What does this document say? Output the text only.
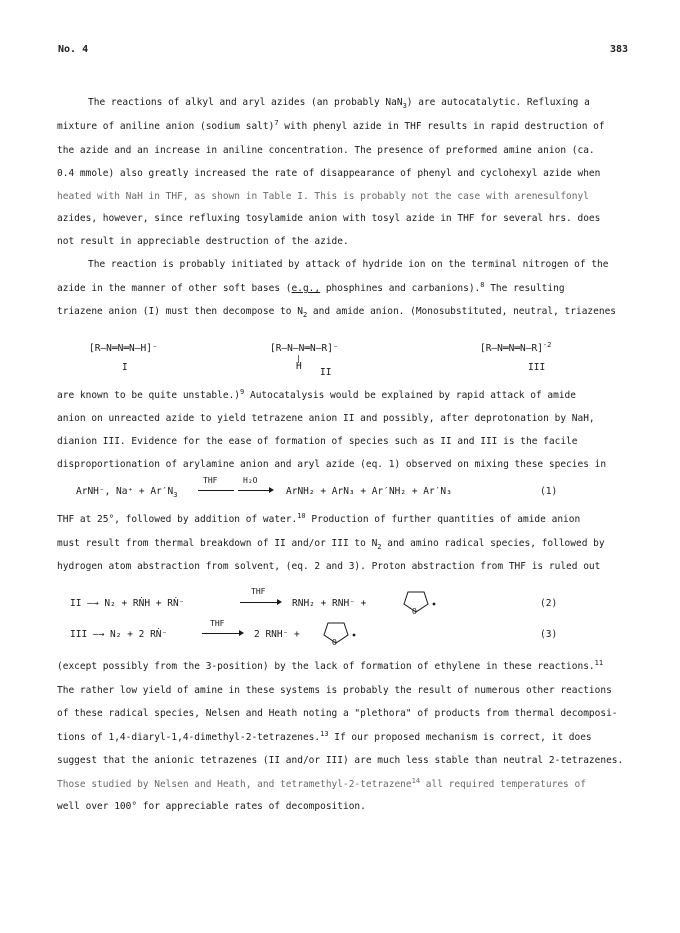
No. 4	383
The reactions of alkyl and aryl azides (an probably NaN$_3$) are autocatalytic. Refluxing a
mixture of aniline anion (sodium salt)$^7$ with phenyl azide in THF results in rapid destruction of
the azide and an increase in aniline concentration. The presence of preformed amine anion (ca.
0.4 mmole) also greatly increased the rate of disappearance of phenyl and cyclohexyl azide when
heated with NaH in THF, as shown in Table I. This is probably not the case with arenesulfonyl
azides, however, since refluxing tosylamide anion with tosyl azide in THF for several hrs. does
not result in appreciable destruction of the azide.
The reaction is probably initiated by attack of hydride ion on the terminal nitrogen of the
azide in the manner of other soft bases (e.g., phosphines and carbanions).$^8$ The resulting
triazene anion (I) must then decompose to $N_2$ and amide anion. (Monosubstituted, neutral, triazenes
[R—N═N═N—H]⁻
I
[R—N—N═N—R]⁻
|
H
II
[R—N═N═N—R]$^{-2}$
III
are known to be quite unstable.)$^9$ Autocatalysis would be explained by rapid attack of amide
anion on unreacted azide to yield tetrazene anion II and possibly, after deprotonation by NaH,
dianion III. Evidence for the ease of formation of species such as II and III is the facile
disproportionation of arylamine anion and aryl azide (eq. 1) observed on mixing these species in
ArNH⁻, $Na^+ + Ar'N_3$
THF	H₂O
ArNH₂ + ArN₃ + Ar′NH₂ + Ar′N₃	(1)
THF at 25°, followed by addition of water.$^{10}$ Production of further quantities of amide anion
must result from thermal breakdown of II and/or III to $N_2$ and amino radical species, followed by
hydrogen atom abstraction from solvent, (eq. 2 and 3). Proton abstraction from THF is ruled out
II —→ N₂ + RṄH + RṄ⁻
THF
RNH₂ + RNH⁻ +
O
(2)
III —→ N₂ + 2 RṄ⁻
THF
2 RNH⁻ +
O
(3)
(except possibly from the 3-position) by the lack of formation of ethylene in these reactions.$^{11}$
The rather low yield of amine in these systems is probably the result of numerous other reactions
of these radical species, Nelsen and Heath noting a "plethora" of products from thermal decomposi-
tions of 1,4-diaryl-1,4-dimethyl-2-tetrazenes.$^{13}$ If our proposed mechanism is correct, it does
suggest that the anionic tetrazenes (II and/or III) are much less stable than neutral 2-tetrazenes.
Those studied by Nelsen and Heath, and tetramethyl-2-tetrazene$^{14}$ all required temperatures of
well over 100° for appreciable rates of decomposition.
